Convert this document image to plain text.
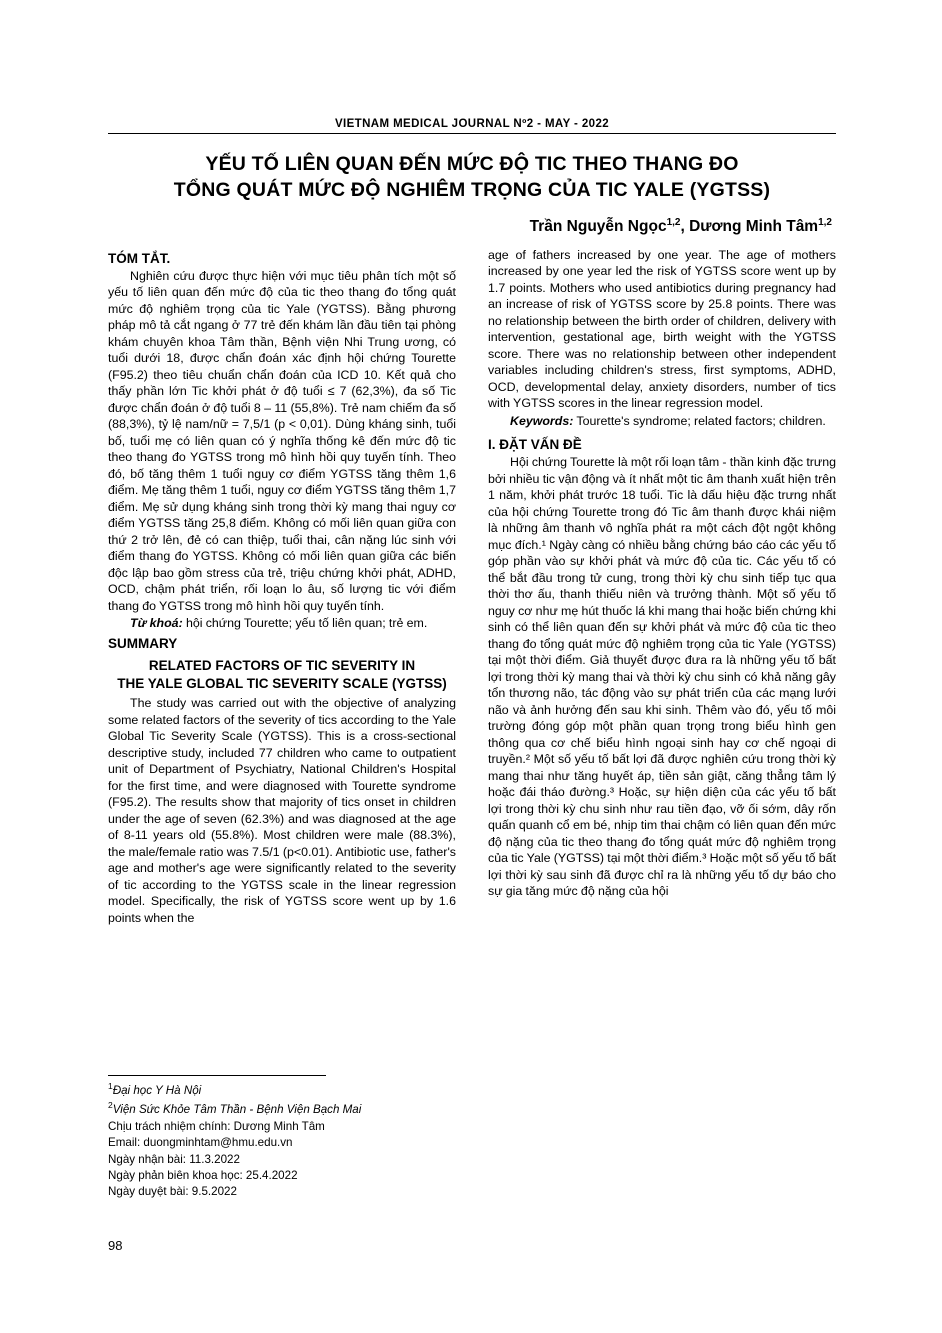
VIETNAM MEDICAL JOURNAL Nº2 - MAY - 2022
YẾU TỐ LIÊN QUAN ĐẾN MỨC ĐỘ TIC THEO THANG ĐO
TỔNG QUÁT MỨC ĐỘ NGHIÊM TRỌNG CỦA TIC YALE (YGTSS)
Trần Nguyễn Ngọc$^{1,2}$, Dương Minh Tâm$^{1,2}$
TÓM TẮT.

Nghiên cứu được thực hiện với mục tiêu phân tích một số yếu tố liên quan đến mức độ của tic theo thang đo tổng quát mức độ nghiêm trọng của tic Yale (YGTSS). Bằng phương pháp mô tả cắt ngang ở 77 trẻ đến khám lần đầu tiên tại phòng khám chuyên khoa Tâm thần, Bệnh viện Nhi Trung ương, có tuổi dưới 18, được chẩn đoán xác định hội chứng Tourette (F95.2) theo tiêu chuẩn chẩn đoán của ICD 10. Kết quả cho thấy phần lớn Tic khởi phát ở độ tuổi ≤ 7 (62,3%), đa số Tic được chẩn đoán ở độ tuổi 8 – 11 (55,8%). Trẻ nam chiếm đa số (88,3%), tỷ lệ nam/nữ = 7,5/1 (p < 0,01). Dùng kháng sinh, tuổi bố, tuổi mẹ có liên quan có ý nghĩa thống kê đến mức độ tic theo thang đo YGTSS trong mô hình hồi quy tuyến tính. Theo đó, bố tăng thêm 1 tuổi nguy cơ điểm YGTSS tăng thêm 1,6 điểm. Mẹ tăng thêm 1 tuổi, nguy cơ điểm YGTSS tăng thêm 1,7 điểm. Mẹ sử dụng kháng sinh trong thời kỳ mang thai nguy cơ điểm YGTSS tăng 25,8 điểm. Không có mối liên quan giữa con thứ 2 trở lên, đẻ có can thiệp, tuổi thai, cân nặng lúc sinh với điểm thang đo YGTSS. Không có mối liên quan giữa các biến độc lập bao gồm stress của trẻ, triệu chứng khởi phát, ADHD, OCD, chậm phát triển, rối loạn lo âu, số lượng tic với điểm thang đo YGTSS trong mô hình hồi quy tuyến tính.

Từ khoá: hội chứng Tourette; yếu tố liên quan; trẻ em.

SUMMARY
RELATED FACTORS OF TIC SEVERITY IN
THE YALE GLOBAL TIC SEVERITY SCALE (YGTSS)

The study was carried out with the objective of analyzing some related factors of the severity of tics according to the Yale Global Tic Severity Scale (YGTSS). This is a cross-sectional descriptive study, included 77 children who came to outpatient unit of Department of Psychiatry, National Children's Hospital for the first time, and were diagnosed with Tourette syndrome (F95.2). The results show that majority of tics onset in children under the age of seven (62.3%) and was diagnosed at the age of 8-11 years old (55.8%). Most children were male (88.3%), the male/female ratio was 7.5/1 (p<0.01). Antibiotic use, father's age and mother's age were significantly related to the severity of tic according to the YGTSS scale in the linear regression model. Specifically, the risk of YGTSS score went up by 1.6 points when the

age of fathers increased by one year. The age of mothers increased by one year led the risk of YGTSS score went up by 1.7 points. Mothers who used antibiotics during pregnancy had an increase of risk of YGTSS score by 25.8 points. There was no relationship between the birth order of children, delivery with intervention, gestational age, birth weight with the YGTSS score. There was no relationship between other independent variables including children's stress, first symptoms, ADHD, OCD, developmental delay, anxiety disorders, number of tics with YGTSS scores in the linear regression model.

Keywords: Tourette's syndrome; related factors; children.

I. ĐẶT VẤN ĐỀ

Hội chứng Tourette là một rối loạn tâm - thần kinh đặc trưng bởi nhiều tic vận động và ít nhất một tic âm thanh xuất hiện trên 1 năm, khởi phát trước 18 tuổi. Tic là dấu hiệu đặc trưng nhất của hội chứng Tourette trong đó Tic âm thanh được khái niệm là những âm thanh vô nghĩa phát ra một cách đột ngột không mục đích.¹ Ngày càng có nhiều bằng chứng báo cáo các yếu tố góp phần vào sự khởi phát và mức độ của tic. Các yếu tố có thể bắt đầu trong tử cung, trong thời kỳ chu sinh tiếp tục qua thời thơ ấu, thanh thiếu niên và trưởng thành. Một số yếu tố nguy cơ như mẹ hút thuốc lá khi mang thai hoặc biến chứng khi sinh có thể liên quan đến sự khởi phát và mức độ của tic theo thang đo tổng quát mức độ nghiêm trọng của tic Yale (YGTSS) tại một thời điểm. Giả thuyết được đưa ra là những yếu tố bất lợi trong thời kỳ mang thai và thời kỳ chu sinh có khả năng gây tổn thương não, tác động vào sự phát triển của các mạng lưới não và ảnh hưởng đến sau khi sinh. Thêm vào đó, yếu tố môi trường đóng góp một phần quan trọng trong biểu hình gen thông qua cơ chế biểu hình ngoại sinh hay cơ chế ngoại di truyền.² Một số yếu tố bất lợi đã được nghiên cứu trong thời kỳ mang thai như tăng huyết áp, tiền sản giật, căng thẳng tâm lý hoặc đái tháo đường.³ Hoặc, sự hiện diện của các yếu tố bất lợi trong thời kỳ chu sinh như rau tiền đạo, vỡ ối sớm, dây rốn quấn quanh cổ em bé, nhịp tim thai chậm có liên quan đến mức độ nặng của tic theo thang đo tổng quát mức độ nghiêm trọng của tic Yale (YGTSS) tại một thời điểm.³ Hoặc một số yếu tố bất lợi thời kỳ sau sinh đã được chỉ ra là những yếu tố dự báo cho sự gia tăng mức độ nặng của hội

$^1$Đại học Y Hà Nội
$^2$Viện Sức Khỏe Tâm Thần - Bệnh Viện Bạch Mai
Chịu trách nhiệm chính: Dương Minh Tâm
Email: duongminhtam@hmu.edu.vn
Ngày nhận bài: 11.3.2022
Ngày phản biên khoa học: 25.4.2022
Ngày duyệt bài: 9.5.2022
98
